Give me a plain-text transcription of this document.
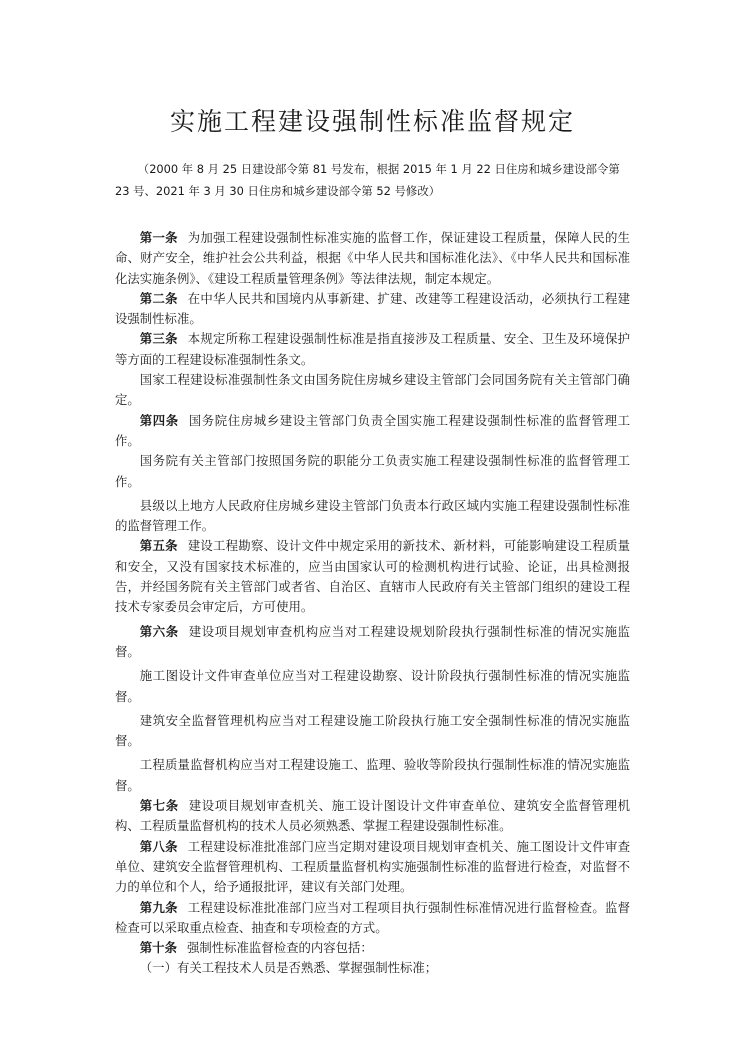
实施工程建设强制性标准监督规定

（2000 年 8 月 25 日建设部令第 81 号发布，根据 2015 年 1 月 22 日住房和城乡建设部令第 23 号、2021 年 3 月 30 日住房和城乡建设部令第 52 号修改）

第一条 为加强工程建设强制性标准实施的监督工作，保证建设工程质量，保障人民的生命、财产安全，维护社会公共利益，根据《中华人民共和国标准化法》、《中华人民共和国标准化法实施条例》、《建设工程质量管理条例》等法律法规，制定本规定。

第二条 在中华人民共和国境内从事新建、扩建、改建等工程建设活动，必须执行工程建设强制性标准。

第三条 本规定所称工程建设强制性标准是指直接涉及工程质量、安全、卫生及环境保护等方面的工程建设标准强制性条文。

国家工程建设标准强制性条文由国务院住房城乡建设主管部门会同国务院有关主管部门确定。

第四条 国务院住房城乡建设主管部门负责全国实施工程建设强制性标准的监督管理工作。

国务院有关主管部门按照国务院的职能分工负责实施工程建设强制性标准的监督管理工作。

县级以上地方人民政府住房城乡建设主管部门负责本行政区域内实施工程建设强制性标准的监督管理工作。

第五条 建设工程勘察、设计文件中规定采用的新技术、新材料，可能影响建设工程质量和安全，又没有国家技术标准的，应当由国家认可的检测机构进行试验、论证，出具检测报告，并经国务院有关主管部门或者省、自治区、直辖市人民政府有关主管部门组织的建设工程技术专家委员会审定后，方可使用。

第六条 建设项目规划审查机构应当对工程建设规划阶段执行强制性标准的情况实施监督。

施工图设计文件审查单位应当对工程建设勘察、设计阶段执行强制性标准的情况实施监督。

建筑安全监督管理机构应当对工程建设施工阶段执行施工安全强制性标准的情况实施监督。

工程质量监督机构应当对工程建设施工、监理、验收等阶段执行强制性标准的情况实施监督。

第七条 建设项目规划审查机关、施工设计图设计文件审查单位、建筑安全监督管理机构、工程质量监督机构的技术人员必须熟悉、掌握工程建设强制性标准。

第八条 工程建设标准批准部门应当定期对建设项目规划审查机关、施工图设计文件审查单位、建筑安全监督管理机构、工程质量监督机构实施强制性标准的监督进行检查，对监督不力的单位和个人，给予通报批评，建议有关部门处理。

第九条 工程建设标准批准部门应当对工程项目执行强制性标准情况进行监督检查。监督检查可以采取重点检查、抽查和专项检查的方式。

第十条 强制性标准监督检查的内容包括：

（一）有关工程技术人员是否熟悉、掌握强制性标准；
